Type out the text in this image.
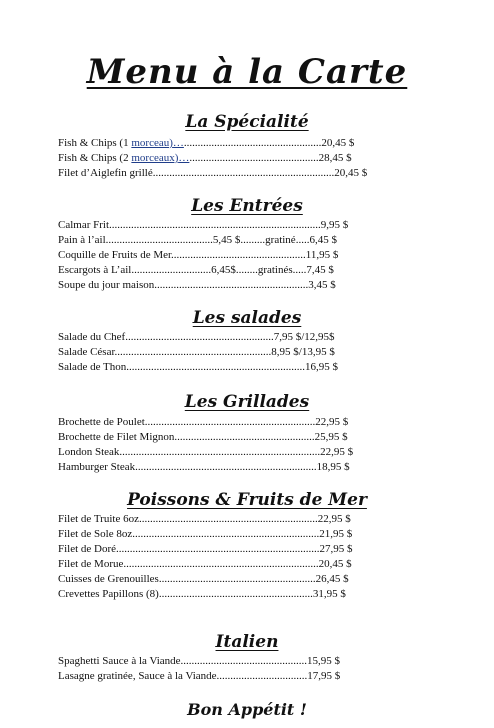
Menu à la Carte
La Spécialité
Fish & Chips (1 morceau)…..................................................20,45 $
Fish & Chips (2 morceaux)…...............................................28,45 $
Filet d’Aiglefin grillé..................................................................20,45 $
Les Entrées
Calmar Frit.............................................................................9,95 $
Pain à l’ail.......................................5,45 $.........gratiné.....6,45 $
Coquille de Fruits de Mer.................................................11,95 $
Escargots à L’ail.............................6,45$........gratinés.....7,45 $
Soupe du jour maison........................................................3,45 $
Les salades
Salade du Chef......................................................7,95 $/12,95$
Salade César.........................................................8,95 $/13,95 $
Salade de Thon.................................................................16,95 $
Les Grillades
Brochette de Poulet..............................................................22,95 $
Brochette de Filet Mignon...................................................25,95 $
London Steak.........................................................................22,95 $
Hamburger Steak..................................................................18,95 $
Poissons & Fruits de Mer
Filet de Truite 6oz.................................................................22,95 $
Filet de Sole 8oz....................................................................21,95 $
Filet de Doré..........................................................................27,95 $
Filet de Morue.......................................................................20,45 $
Cuisses de Grenouilles.........................................................26,45 $
Crevettes Papillons (8)........................................................31,95 $
Italien
Spaghetti Sauce à la Viande..............................................15,95 $
Lasagne gratinée, Sauce à la Viande.................................17,95 $
Bon Appétit !
